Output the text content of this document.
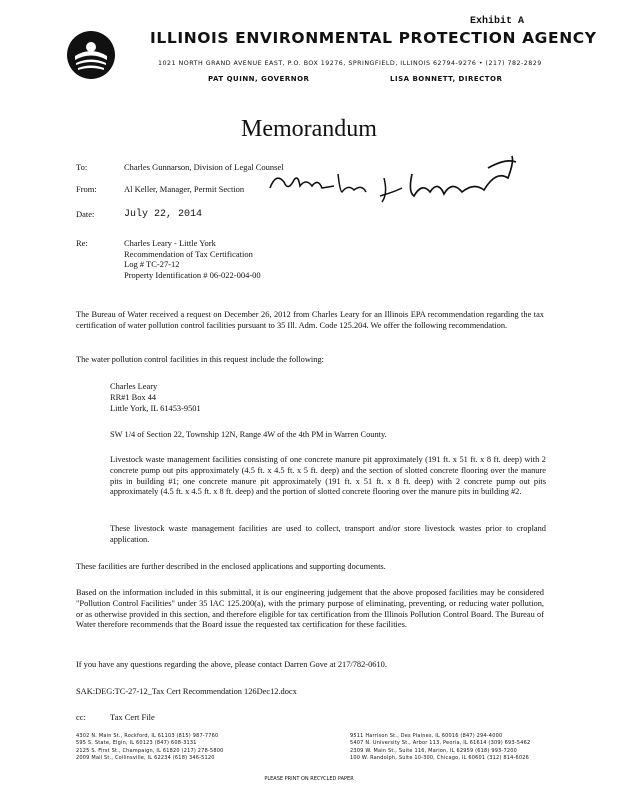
Exhibit A
ILLINOIS ENVIRONMENTAL PROTECTION AGENCY
1021 NORTH GRAND AVENUE EAST, P.O. BOX 19276, SPRINGFIELD, ILLINOIS 62794-9276 • (217) 782-2829
PAT QUINN, GOVERNOR	LISA BONNETT, DIRECTOR
Memorandum
To:	Charles Gunnarson, Division of Legal Counsel
From:	Al Keller, Manager, Permit Section
Date:	July 22, 2014
Re:	Charles Leary - Little York
Recommendation of Tax Certification
Log # TC-27-12
Property Identification # 06-022-004-00
The Bureau of Water received a request on December 26, 2012 from Charles Leary for an Illinois EPA recommendation regarding the tax certification of water pollution control facilities pursuant to 35 Ill. Adm. Code 125.204. We offer the following recommendation.
The water pollution control facilities in this request include the following:
Charles Leary
RR#1 Box 44
Little York, IL 61453-9501
SW 1/4 of Section 22, Township 12N, Range 4W of the 4th PM in Warren County.
Livestock waste management facilities consisting of one concrete manure pit approximately (191 ft. x 51 ft. x 8 ft. deep) with 2 concrete pump out pits approximately (4.5 ft. x 4.5 ft. x 5 ft. deep) and the section of slotted concrete flooring over the manure pits in building #1; one concrete manure pit approximately (191 ft. x 51 ft. x 8 ft. deep) with 2 concrete pump out pits approximately (4.5 ft. x 4.5 ft. x 8 ft. deep) and the portion of slotted concrete flooring over the manure pits in building #2.
These livestock waste management facilities are used to collect, transport and/or store livestock wastes prior to cropland application.
These facilities are further described in the enclosed applications and supporting documents.
Based on the information included in this submittal, it is our engineering judgement that the above proposed facilities may be considered "Pollution Control Facilities" under 35 IAC 125.200(a), with the primary purpose of eliminating, preventing, or reducing water pollution, or as otherwise provided in this section, and therefore eligible for tax certification from the Illinois Pollution Control Board. The Bureau of Water therefore recommends that the Board issue the requested tax certification for these facilities.
If you have any questions regarding the above, please contact Darren Gove at 217/782-0610.
SAK:DEG:TC-27-12_Tax Cert Recommendation 126Dec12.docx
cc:	Tax Cert File
4302 N. Main St., Rockford, IL 61103 (815) 987-7760
595 S. State, Elgin, IL 60123 (847) 608-3131
2125 S. First St., Champaign, IL 61820 (217) 278-5800
2009 Mall St., Collinsville, IL 62234 (618) 346-5120
9511 Harrison St., Des Plaines, IL 60016 (847) 294-4000
5407 N. University St., Arbor 113, Peoria, IL 61614 (309) 693-5462
2309 W. Main St., Suite 116, Marion, IL 62959 (618) 993-7200
100 W. Randolph, Suite 10-300, Chicago, IL 60601 (312) 814-6026
PLEASE PRINT ON RECYCLED PAPER
